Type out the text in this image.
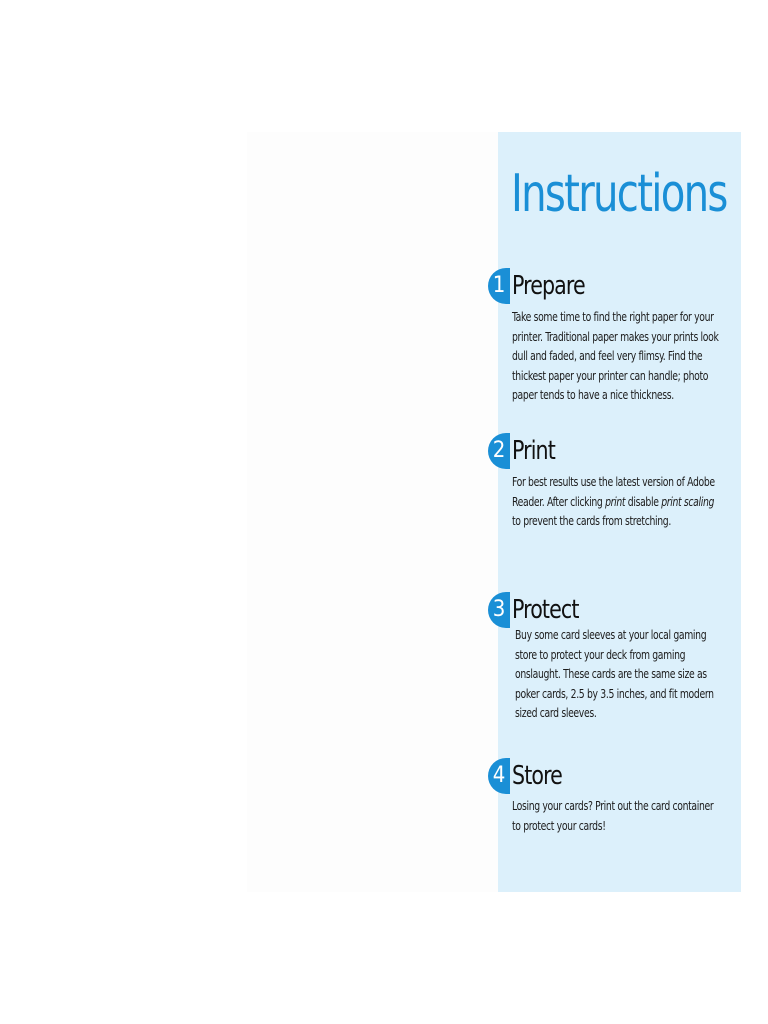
Instructions
1 Prepare

Take some time to find the right paper for your printer. Traditional paper makes your prints look dull and faded, and feel very flimsy. Find the thickest paper your printer can handle; photo paper tends to have a nice thickness.

2 Print

For best results use the latest version of Adobe Reader. After clicking print disable print scaling to prevent the cards from stretching.

3 Protect

Buy some card sleeves at your local gaming store to protect your deck from gaming onslaught. These cards are the same size as poker cards, 2.5 by 3.5 inches, and fit modern sized card sleeves.

4 Store

Losing your cards? Print out the card container to protect your cards!
